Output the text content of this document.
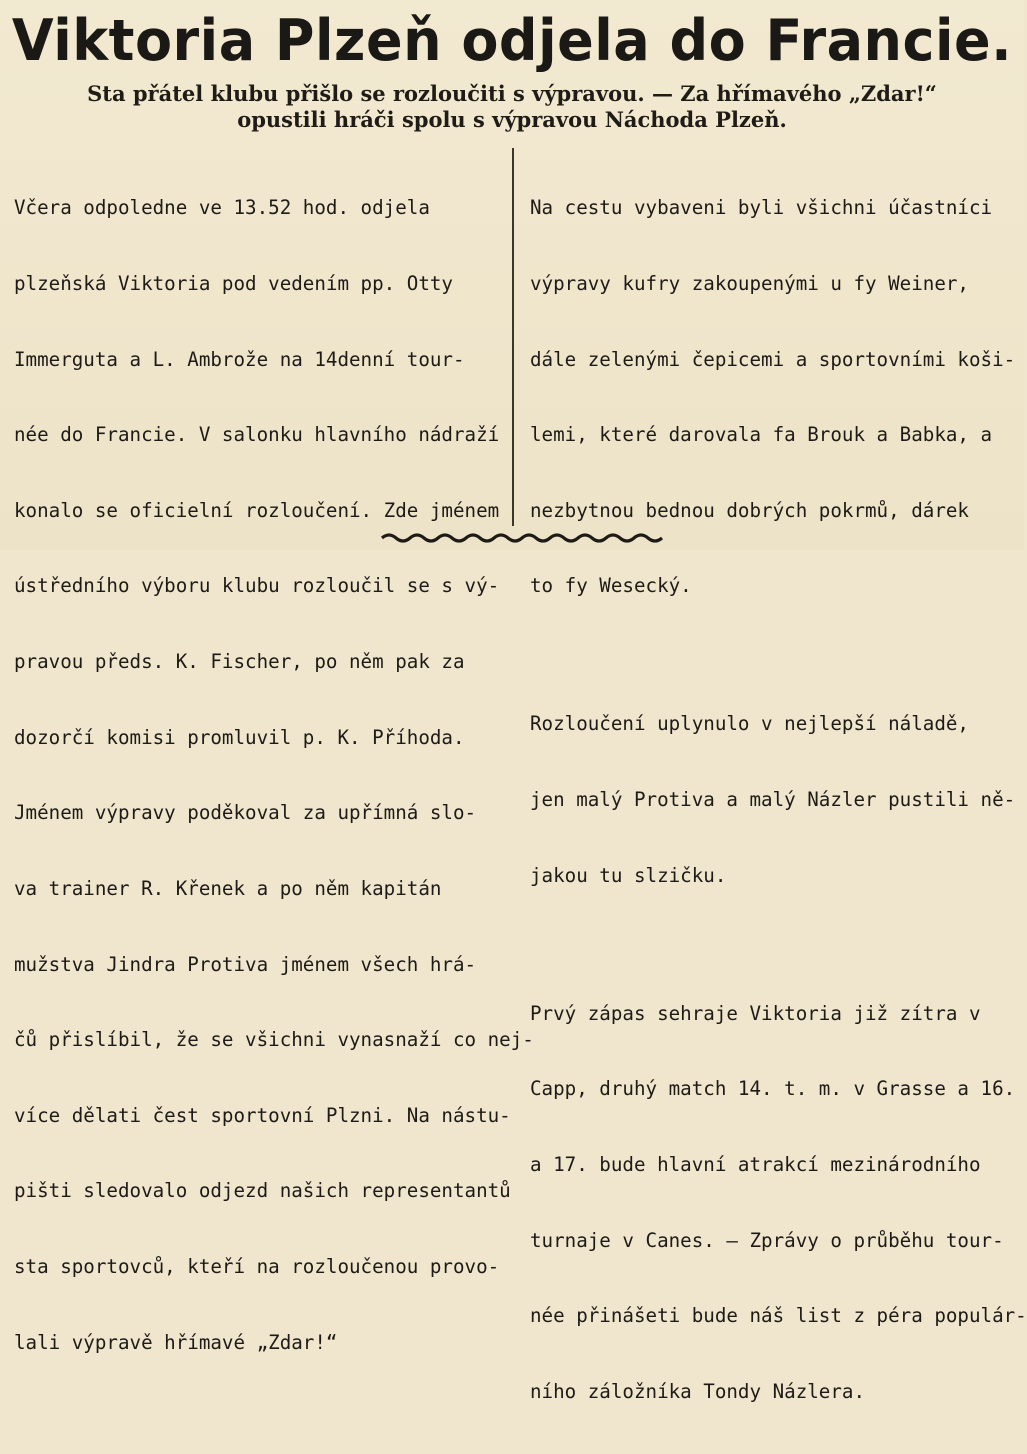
Viktoria Plzeň odjela do Francie.
Sta přátel klubu přišlo se rozloučiti s výpravou. — Za hřímavého „Zdar!“
opustili hráči spolu s výpravou Náchoda Plzeň.

Včera odpoledne ve 13.52 hod. odjela

plzeňská Viktoria pod vedením pp. Otty

Immerguta a L. Ambrože na 14denní tour-

née do Francie. V salonku hlavního nádraží

konalo se oficielní rozloučení. Zde jménem

ústředního výboru klubu rozloučil se s vý-

pravou předs. K. Fischer, po něm pak za

dozorčí komisi promluvil p. K. Příhoda.

Jménem výpravy poděkoval za upřímná slo-

va trainer R. Křenek a po něm kapitán

mužstva Jindra Protiva jménem všech hrá-

čů přislíbil, že se všichni vynasnaží co nej-

více dělati čest sportovní Plzni. Na nástu-

pišti sledovalo odjezd našich representantů

sta sportovců, kteří na rozloučenou provo-

lali výpravě hřímavé „Zdar!“

Na cestu vybaveni byli všichni účastníci

výpravy kufry zakoupenými u fy Weiner,

dále zelenými čepicemi a sportovními koši-

lemi, které darovala fa Brouk a Babka, a

nezbytnou bednou dobrých pokrmů, dárek

to fy Wesecký.

Rozloučení uplynulo v nejlepší náladě,

jen malý Protiva a malý Názler pustili ně-

jakou tu slzičku.

Prvý zápas sehraje Viktoria již zítra v

Capp, druhý match 14. t. m. v Grasse a 16.

a 17. bude hlavní atrakcí mezinárodního

turnaje v Canes. — Zprávy o průběhu tour-

née přinášeti bude náš list z péra populár-

ního záložníka Tondy Názlera.
